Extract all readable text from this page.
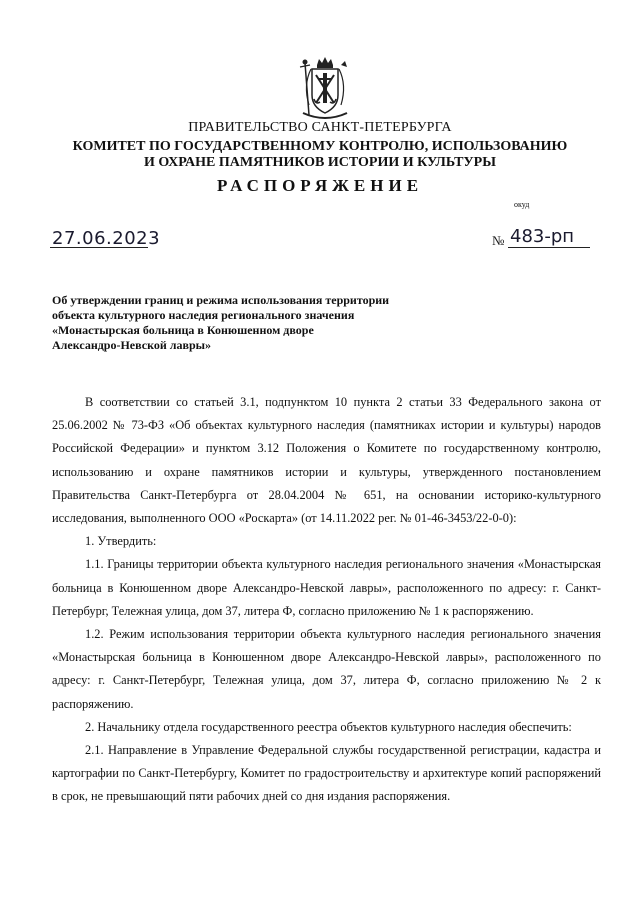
ПРАВИТЕЛЬСТВО САНКТ-ПЕТЕРБУРГА
КОМИТЕТ ПО ГОСУДАРСТВЕННОМУ КОНТРОЛЮ, ИСПОЛЬЗОВАНИЮ
И ОХРАНЕ ПАМЯТНИКОВ ИСТОРИИ И КУЛЬТУРЫ
РАСПОРЯЖЕНИЕ
окуд
27.06.2023	№ 483-рп
Об утверждении границ и режима использования территории
объекта культурного наследия регионального значения
«Монастырская больница в Конюшенном дворе
Александро-Невской лавры»

В соответствии со статьей 3.1, подпунктом 10 пункта 2 статьи 33 Федерального закона от 25.06.2002 № 73-ФЗ «Об объектах культурного наследия (памятниках истории и культуры) народов Российской Федерации» и пунктом 3.12 Положения о Комитете по государственному контролю, использованию и охране памятников истории и культуры, утвержденного постановлением Правительства Санкт-Петербурга от 28.04.2004 № 651, на основании историко-культурного исследования, выполненного ООО «Роскарта» (от 14.11.2022 рег. № 01-46-3453/22-0-0):

1. Утвердить:

1.1. Границы территории объекта культурного наследия регионального значения «Монастырская больница в Конюшенном дворе Александро-Невской лавры», расположенного по адресу: г. Санкт-Петербург, Тележная улица, дом 37, литера Ф, согласно приложению № 1 к распоряжению.

1.2. Режим использования территории объекта культурного наследия регионального значения «Монастырская больница в Конюшенном дворе Александро-Невской лавры», расположенного по адресу: г. Санкт-Петербург, Тележная улица, дом 37, литера Ф, согласно приложению № 2 к распоряжению.

2. Начальнику отдела государственного реестра объектов культурного наследия обеспечить:

2.1. Направление в Управление Федеральной службы государственной регистрации, кадастра и картографии по Санкт-Петербургу, Комитет по градостроительству и архитектуре копий распоряжений в срок, не превышающий пяти рабочих дней со дня издания распоряжения.
